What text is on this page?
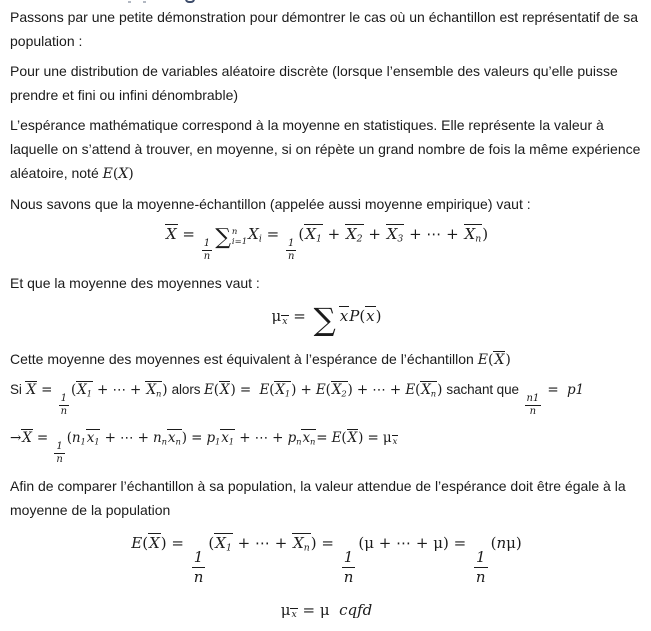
Passons par une petite démonstration pour démontrer le cas où un échantillon est représentatif de sa population :
Pour une distribution de variables aléatoire discrète (lorsque l’ensemble des valeurs qu’elle puisse prendre et fini ou infini dénombrable)
L’espérance mathématique correspond à la moyenne en statistiques. Elle représente la valeur à laquelle on s’attend à trouver, en moyenne, si on répète un grand nombre de fois la même expérience aléatoire, noté E(X)
Nous savons que la moyenne-échantillon (appelée aussi moyenne empirique) vaut :
X =
$\frac{1}{n}$
∑ n
i=1 $X_i$ =
$\frac{1}{n}$
($X_1 + X_2 + X_3$ + ⋯ + $X_n$)
Et que la moyenne des moyennes vaut :
$\mu_x$ = ∑ xP(x)
Cette moyenne des moyennes est équivalent à l’espérance de l’échantillon E(X)
Si X =
$\frac{1}{n}$
($X_1$ + ⋯ + $X_n$) alors $E(X) = E(X_1) + E(X_2)$ + ⋯ + $E(X_n)$ sachant que
$\frac{n1}{n}$
=  p1
→X =
$\frac{1}{n}$
($n_1x_1$ + ⋯ + $n_nx_n) = p_1x_1$ + ⋯ + $p_nx_n= E(X) = \mu_x$
Afin de comparer l’échantillon à sa population, la valeur attendue de l’espérance doit être égale à la moyenne de la population
E(X) =
$\frac{1}{n}$
($X_1$ + ⋯ + $X_n$) =
$\frac{1}{n}$
(μ + ⋯ + μ) =
$\frac{1}{n}$
(nμ)
$\mu_x = \mu$  cqfd
